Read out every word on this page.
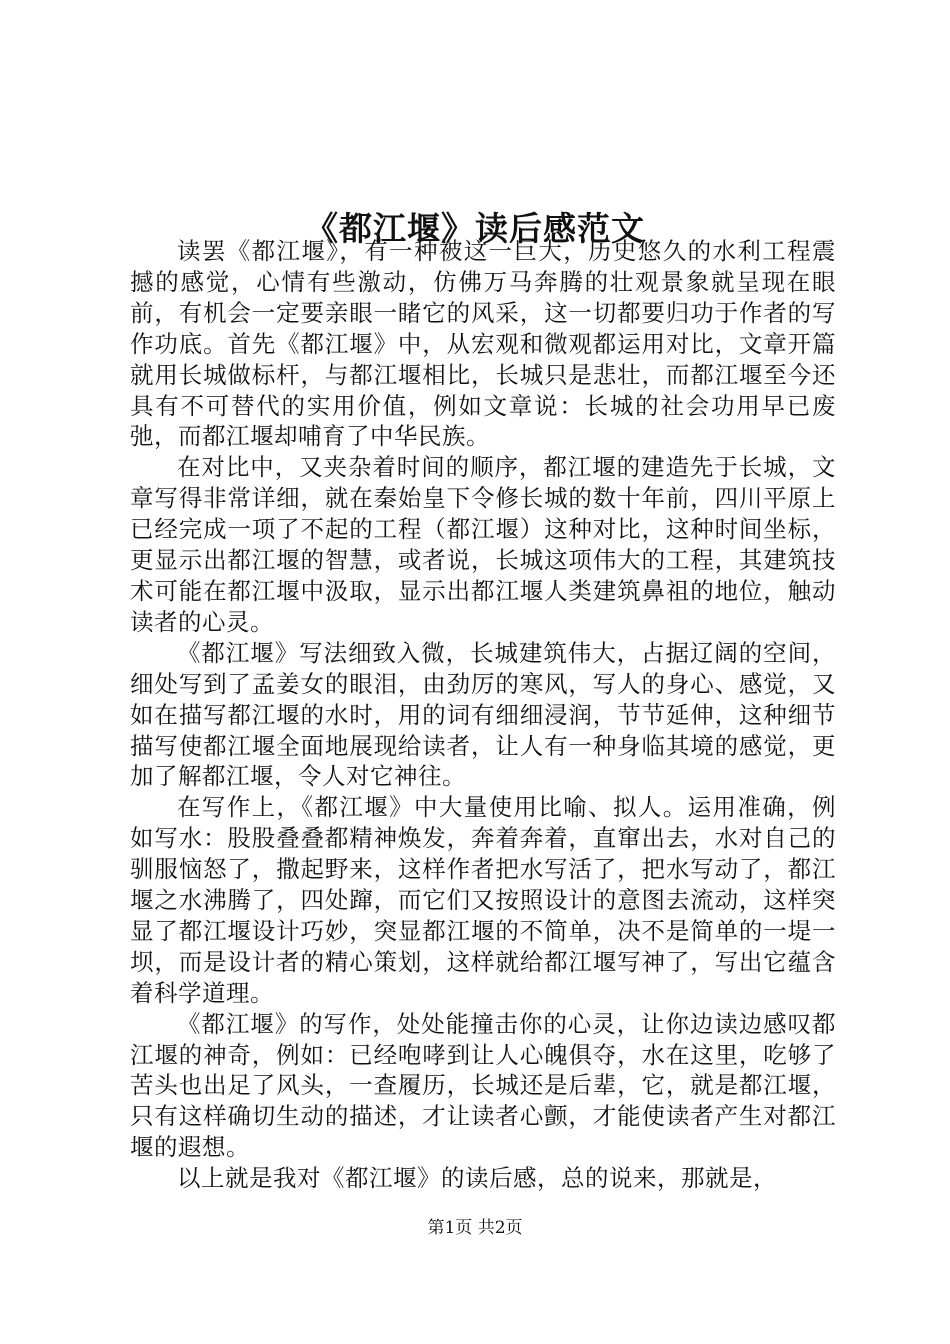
《都江堰》读后感范文

读罢《都江堰》，有一种被这一巨大，历史悠久的水利工程震撼的感觉，心情有些激动，仿佛万马奔腾的壮观景象就呈现在眼前，有机会一定要亲眼一睹它的风采，这一切都要归功于作者的写作功底。首先《都江堰》中，从宏观和微观都运用对比，文章开篇就用长城做标杆，与都江堰相比，长城只是悲壮，而都江堰至今还具有不可替代的实用价值，例如文章说：长城的社会功用早已废弛，而都江堰却哺育了中华民族。

在对比中，又夹杂着时间的顺序，都江堰的建造先于长城，文章写得非常详细，就在秦始皇下令修长城的数十年前，四川平原上已经完成一项了不起的工程（都江堰）这种对比，这种时间坐标，更显示出都江堰的智慧，或者说，长城这项伟大的工程，其建筑技术可能在都江堰中汲取，显示出都江堰人类建筑鼻祖的地位，触动读者的心灵。

《都江堰》写法细致入微，长城建筑伟大，占据辽阔的空间，细处写到了孟姜女的眼泪，由劲厉的寒风，写人的身心、感觉，又如在描写都江堰的水时，用的词有细细浸润，节节延伸，这种细节描写使都江堰全面地展现给读者，让人有一种身临其境的感觉，更加了解都江堰，令人对它神往。

在写作上，《都江堰》中大量使用比喻、拟人。运用准确，例如写水：股股叠叠都精神焕发，奔着奔着，直窜出去，水对自己的驯服恼怒了，撒起野来，这样作者把水写活了，把水写动了，都江堰之水沸腾了，四处蹿，而它们又按照设计的意图去流动，这样突显了都江堰设计巧妙，突显都江堰的不简单，决不是简单的一堤一坝，而是设计者的精心策划，这样就给都江堰写神了，写出它蕴含着科学道理。

《都江堰》的写作，处处能撞击你的心灵，让你边读边感叹都江堰的神奇，例如：已经咆哮到让人心魄俱夺，水在这里，吃够了苦头也出足了风头，一查履历，长城还是后辈，它，就是都江堰，只有这样确切生动的描述，才让读者心颤，才能使读者产生对都江堰的遐想。

以上就是我对《都江堰》的读后感，总的说来，那就是，

第1页 共2页
